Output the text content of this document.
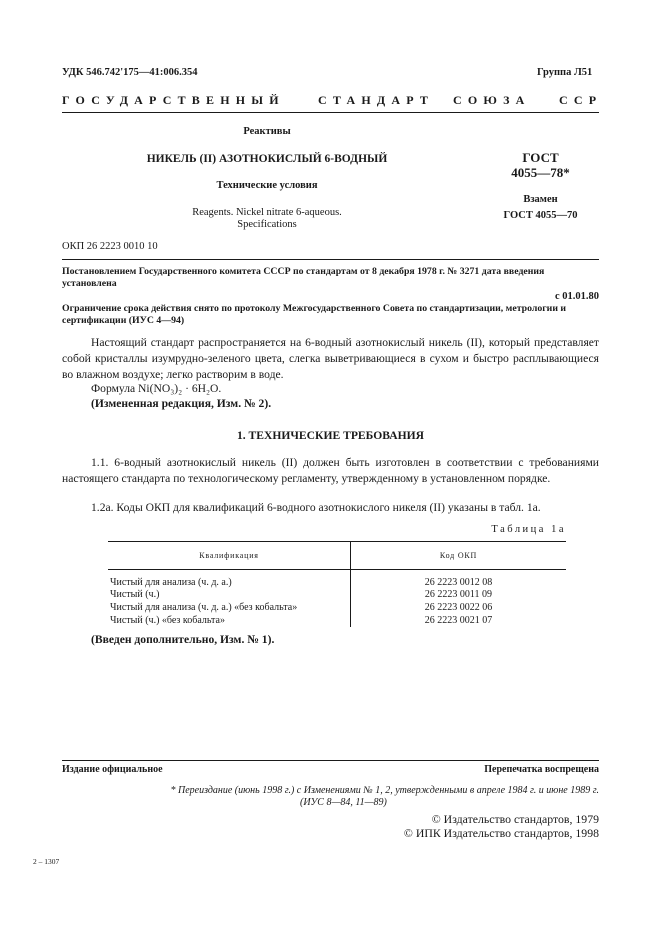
УДК 546.742'175—41:006.354	Группа Л51
ГОСУДАРСТВЕННЫЙ	СТАНДАРТ СОЮЗА ССР
Реактивы
НИКЕЛЬ (II) АЗОТНОКИСЛЫЙ 6-ВОДНЫЙ
Технические условия
Reagents. Nickel nitrate 6-aqueous.
Specifications
ГОСТ
4055—78*
Взамен
ГОСТ 4055—70
ОКП 26 2223 0010 10
Постановлением Государственного комитета СССР по стандартам от 8 декабря 1978 г. № 3271 дата введения установлена
с 01.01.80
Ограничение срока действия снято по протоколу Межгосударственного Совета по стандартизации, метрологии и сертификации (ИУС 4—94)

Настоящий стандарт распространяется на 6-водный азотнокислый никель (II), который представляет собой кристаллы изумрудно-зеленого цвета, слегка выветривающиеся в сухом и быстро расплывающиеся во влажном воздухе; легко растворим в воде.

Формула Ni(NO₃)₂ · 6H₂O.
(Измененная редакция, Изм. № 2).
1. ТЕХНИЧЕСКИЕ ТРЕБОВАНИЯ

1.1. 6-водный азотнокислый никель (II) должен быть изготовлен в соответствии с требованиями настоящего стандарта по технологическому регламенту, утвержденному в установленном порядке.

1.2а. Коды ОКП для квалификаций 6-водного азотнокислого никеля (II) указаны в табл. 1а.

Таблица 1а
Квалификация	Код ОКП
Чистый для анализа (ч. д. а.)	26 2223 0012 08
Чистый (ч.)	26 2223 0011 09
Чистый для анализа (ч. д. а.) «без кобальта»	26 2223 0022 06
Чистый (ч.) «без кобальта»	26 2223 0021 07
(Введен дополнительно, Изм. № 1).
Издание официальное	Перепечатка воспрещена
* Переиздание (июнь 1998 г.) с Изменениями № 1, 2, утвержденными в апреле 1984 г. и июне 1989 г.
(ИУС 8—84, 11—89)
© Издательство стандартов, 1979
© ИПК Издательство стандартов, 1998
2 – 1307
